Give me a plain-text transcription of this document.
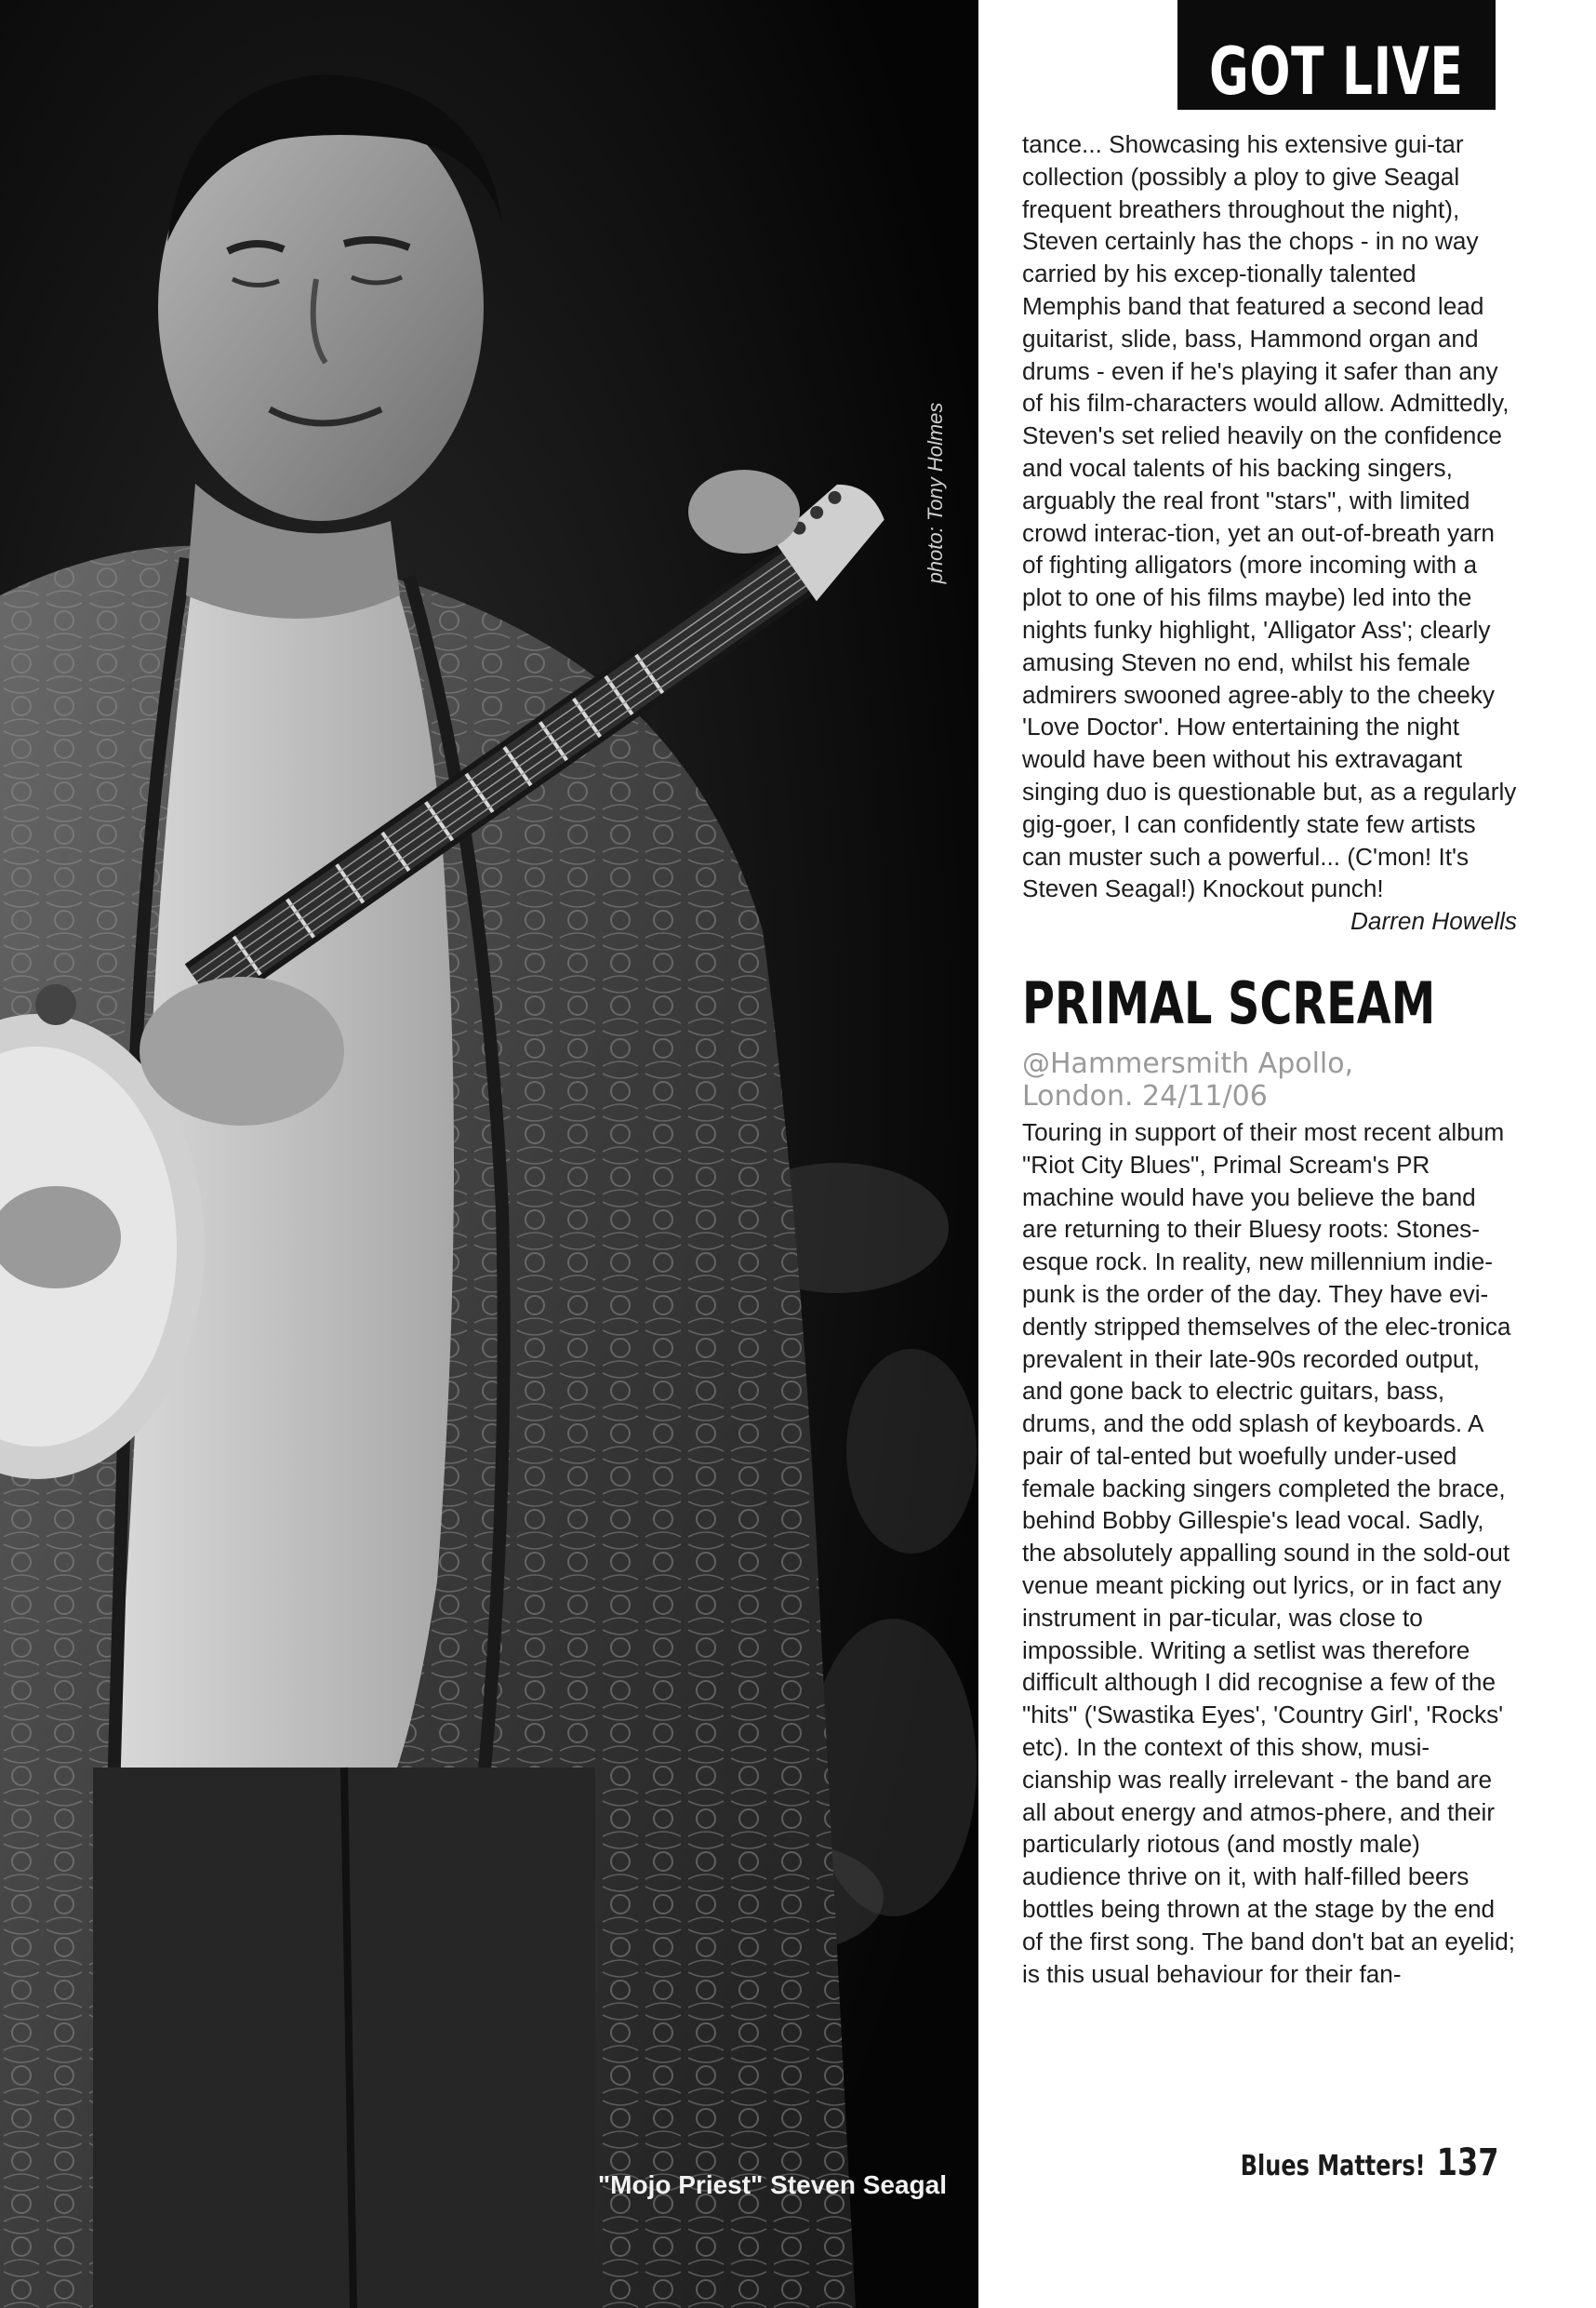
photo: Tony Holmes
"Mojo Priest" Steven Seagal
GOT LIVE

tance... Showcasing his extensive gui-tar collection (possibly a ploy to give Seagal frequent breathers throughout the night), Steven certainly has the chops - in no way carried by his excep-tionally talented Memphis band that featured a second lead guitarist, slide, bass, Hammond organ and drums - even if he's playing it safer than any of his film-characters would allow. Admittedly, Steven's set relied heavily on the confidence and vocal talents of his backing singers, arguably the real front "stars", with limited crowd interac-tion, yet an out-of-breath yarn of fighting alligators (more incoming with a plot to one of his films maybe) led into the nights funky highlight, 'Alligator Ass'; clearly amusing Steven no end, whilst his female admirers swooned agree-ably to the cheeky 'Love Doctor'. How entertaining the night would have been without his extravagant singing duo is questionable but, as a regularly gig-goer, I can confidently state few artists can muster such a powerful... (C'mon! It's Steven Seagal!) Knockout punch!

Darren Howells

PRIMAL SCREAM

@Hammersmith Apollo,

London. 24/11/06

Touring in support of their most recent album "Riot City Blues", Primal Scream's PR machine would have you believe the band are returning to their Bluesy roots: Stones-esque rock. In reality, new millennium indie-punk is the order of the day. They have evi-dently stripped themselves of the elec-tronica prevalent in their late-90s recorded output, and gone back to electric guitars, bass, drums, and the odd splash of keyboards. A pair of tal-ented but woefully under-used female backing singers completed the brace, behind Bobby Gillespie's lead vocal. Sadly, the absolutely appalling sound in the sold-out venue meant picking out lyrics, or in fact any instrument in par-ticular, was close to impossible. Writing a setlist was therefore difficult although I did recognise a few of the "hits" ('Swastika Eyes', 'Country Girl', 'Rocks' etc). In the context of this show, musi-cianship was really irrelevant - the band are all about energy and atmos-phere, and their particularly riotous (and mostly male) audience thrive on it, with half-filled beers bottles being thrown at the stage by the end of the first song. The band don't bat an eyelid; is this usual behaviour for their fan-

Blues Matters! 137
